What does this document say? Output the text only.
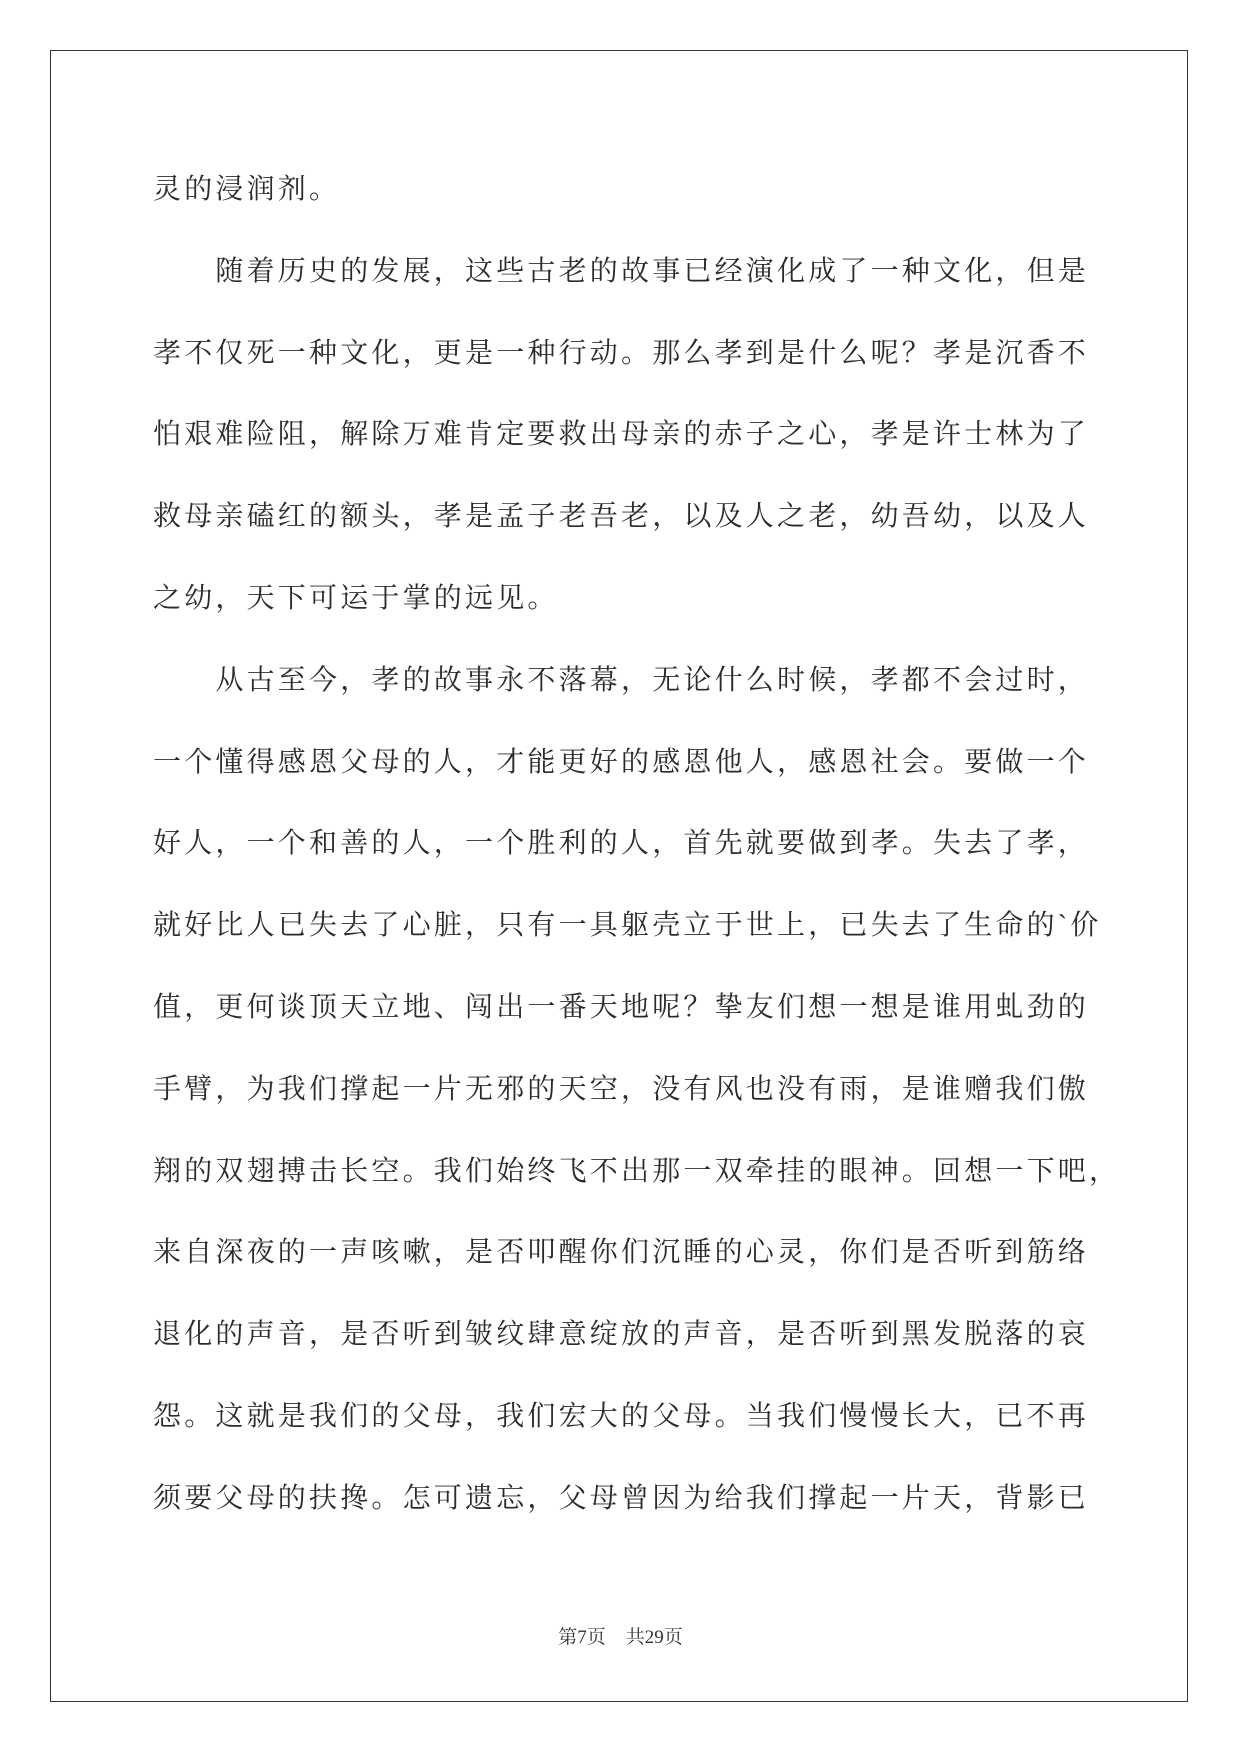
灵的浸润剂。
随着历史的发展，这些古老的故事已经演化成了一种文化，但是
孝不仅死一种文化，更是一种行动。那么孝到是什么呢？孝是沉香不
怕艰难险阻，解除万难肯定要救出母亲的赤子之心，孝是许士林为了
救母亲磕红的额头，孝是孟子老吾老，以及人之老，幼吾幼，以及人
之幼，天下可运于掌的远见。
从古至今，孝的故事永不落幕，无论什么时候，孝都不会过时，
一个懂得感恩父母的人，才能更好的感恩他人，感恩社会。要做一个
好人，一个和善的人，一个胜利的人，首先就要做到孝。失去了孝，
就好比人已失去了心脏，只有一具躯壳立于世上，已失去了生命的`价
值，更何谈顶天立地、闯出一番天地呢？挚友们想一想是谁用虬劲的
手臂，为我们撑起一片无邪的天空，没有风也没有雨，是谁赠我们傲
翔的双翅搏击长空。我们始终飞不出那一双牵挂的眼神。回想一下吧，
来自深夜的一声咳嗽，是否叩醒你们沉睡的心灵，你们是否听到筋络
退化的声音，是否听到皱纹肆意绽放的声音，是否听到黑发脱落的哀
怨。这就是我们的父母，我们宏大的父母。当我们慢慢长大，已不再
须要父母的扶搀。怎可遗忘，父母曾因为给我们撑起一片天，背影已
第7页 共29页
